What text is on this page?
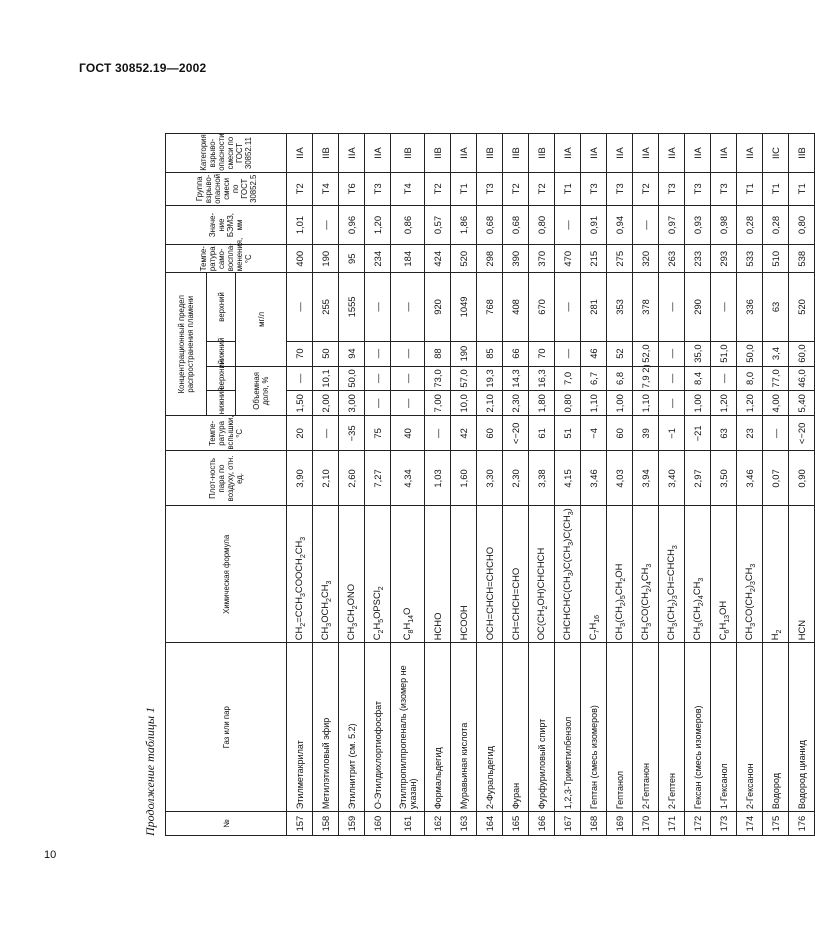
ГОСТ 30852.19—2002
10
Продолжение таблицы 1	№	Газ или пар	Химическая формула	Плот-ность пара по воздуху, отн. ед.	Темпе-ратура вспышки, °С	Концентрационный предел распространения пламени				Темпе-ратура само-воспла-менения, °С	Значе-ние БЭМЗ, мм	Группа взрыво-опасной смеси по ГОСТ 30852.5	Категория взрыво-опасности смеси по ГОСТ 30852.11
					нижний	верхний	нижний	верхний				
					Объемная доля, %		мг/л					
157	Этилметакрилат	$CH_2=CCH_3COOCH_2CH_3$	3,90	20	1,50	—	70	—	400	1,01	T2	IIA
158	Метилэтиловый эфир	$CH_3OCH_2CH_3$	2,10	—	2,00	10,1	50	255	190	—	T4	IIB
159	Этилнитрит (см. 5.2)	$CH_3CH_2ONO$	2,60	−35	3,00	50,0	94	1555	95	0,96	T6	IIA
160	О-Этилдихлортиофосфат	$C_2H_5OPSCl_2$	7,27	75	—	—	—	—	234	1,20	T3	IIA
161	Этилпропилпропеналь (изомер не указан)	$C_8H_{14}O$	4,34	40	—	—	—	—	184	0,86	T4	IIB
162	Формальдегид	HCHO	1,03	—	7,00	73,0	88	920	424	0,57	T2	IIB
163	Муравьиная кислота	HCOOH	1,60	42	10,0	57,0	190	1049	520	1,86	T1	IIA
164	2-Фуральдегид	OCH=CHCH=CHCHO	3,30	60	2,10	19,3	85	768	298	0,68	T3	IIB
165	Фуран	CH=CHCH=CHO	2,30	<−20	2,30	14,3	66	408	390	0,68	T2	IIB
166	Фурфуриловый спирт	$OC(CH_2OH)CHCHCH$	3,38	61	1,80	16,3	70	670	370	0,80	T2	IIB
167	1,2,3-Триметилбензол	$CHCHCHC(CH_3)C(CH_3)C(CH_3)$	4,15	51	0,80	7,0	—	—	470	—	T1	IIA
168	Гептан (смесь изомеров)	$C_7H_{16}$	3,46	−4	1,10	6,7	46	281	215	0,91	T3	IIA
169	Гептанол	$CH_3(CH_2)_5CH_2OH$	4,03	60	1,00	6,8	52	353	275	0,94	T3	IIA
170	2-Гептанон	$CH_3CO(CH_2)_4CH_3$	3,94	39	1,10	7,9 2)	52,0	378	320	—	T2	IIA
171	2-Гептен	$CH_3(CH_2)_3CH=CHCH_3$	3,40	−1	—	—	—	—	263	0,97	T3	IIA
172	Гексан (смесь изомеров)	$CH_3(CH_2)_4CH_3$	2,97	−21	1,00	8,4	35,0	290	233	0,93	T3	IIA
173	1-Гексанол	$C_6H_{13}OH$	3,50	63	1,20	—	51,0	—	293	0,98	T3	IIA
174	2-Гексанон	$CH_3CO(CH_2)_3CH_3$	3,46	23	1,20	8,0	50,0	336	533	0,28	T1	IIA
175	Водород	$H_2$	0,07	—	4,00	77,0	3,4	63	510	0,28	T1	IIC
176	Водород цианид	HCN	0,90	<−20	5,40	46,0	60,0	520	538	0,80	T1	IIB
